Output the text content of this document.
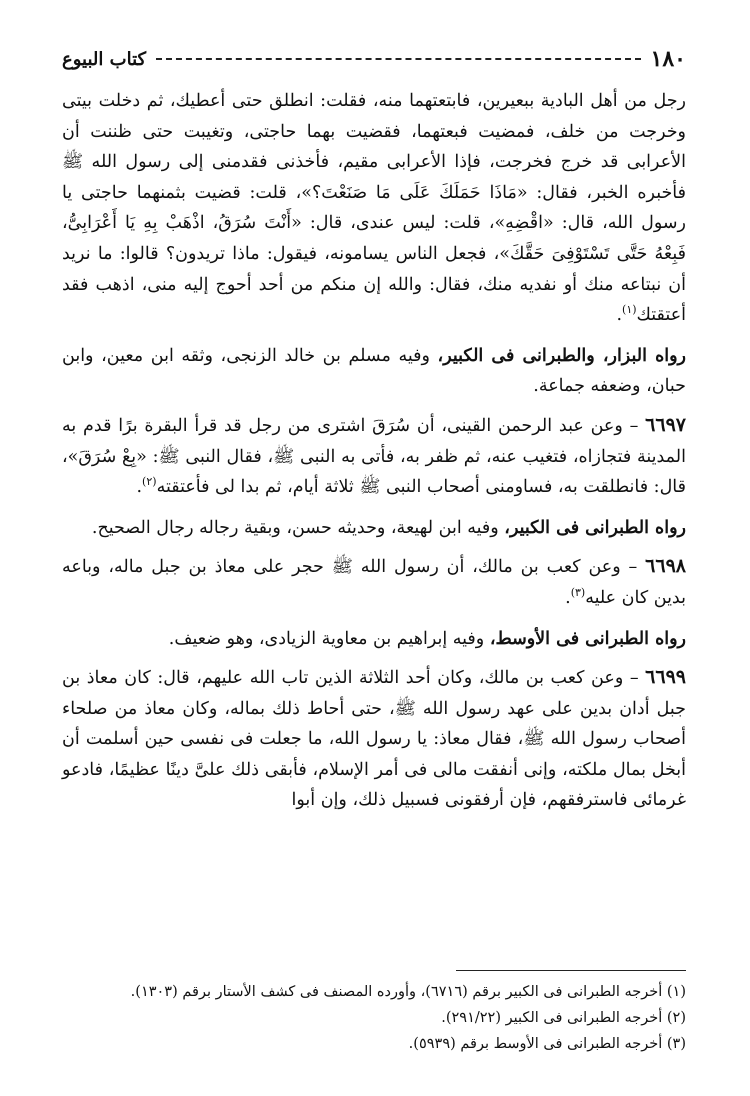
١٨٠
كتاب البيوع

رجل من أهل البادية ببعيرين، فابتعتهما منه، فقلت: انطلق حتى أعطيك، ثم دخلت بيتى وخرجت من خلف، فمضيت فبعتهما، فقضيت بهما حاجتى، وتغيبت حتى ظننت أن الأعرابى قد خرج فخرجت، فإذا الأعرابى مقيم، فأخذنى فقدمنى إلى رسول الله ﷺ فأخبره الخبر، فقال: «مَاذَا حَمَلَكَ عَلَى مَا صَنَعْتَ؟»، قلت: قضيت بثمنهما حاجتى يا رسول الله، قال: «اقْضِهِ»، قلت: ليس عندى، قال: «أَنْتَ سُرَقُ، اذْهَبْ بِهِ يَا أَعْرَابِىُّ، فَبِعْهُ حَتَّى تَسْتَوْفِىَ حَقَّكَ»، فجعل الناس يسامونه، فيقول: ماذا تريدون؟ قالوا: ما نريد أن نبتاعه منك أو نفديه منك، فقال: والله إن منكم من أحد أحوج إليه منى، اذهب فقد أعتقتك$^{(١)}$.

رواه البزار، والطبرانى فى الكبير، وفيه مسلم بن خالد الزنجى، وثقه ابن معين، وابن حبان، وضعفه جماعة.

٦٦٩٧ – وعن عبد الرحمن القينى، أن سُرَقَ اشترى من رجل قد قرأ البقرة برًا قدم به المدينة فتجازاه، فتغيب عنه، ثم ظفر به، فأتى به النبى ﷺ، فقال النبى ﷺ: «بِعْ سُرَقَ»، قال: فانطلقت به، فساومنى أصحاب النبى ﷺ ثلاثة أيام، ثم بدا لى فأعتقته$^{(٢)}$.

رواه الطبرانى فى الكبير، وفيه ابن لهيعة، وحديثه حسن، وبقية رجاله رجال الصحيح.

٦٦٩٨ – وعن كعب بن مالك، أن رسول الله ﷺ حجر على معاذ بن جبل ماله، وباعه بدين كان عليه$^{(٣)}$.

رواه الطبرانى فى الأوسط، وفيه إبراهيم بن معاوية الزيادى، وهو ضعيف.

٦٦٩٩ – وعن كعب بن مالك، وكان أحد الثلاثة الذين تاب الله عليهم، قال: كان معاذ بن جبل أدان بدين على عهد رسول الله ﷺ، حتى أحاط ذلك بماله، وكان معاذ من صلحاء أصحاب رسول الله ﷺ، فقال معاذ: يا رسول الله، ما جعلت فى نفسى حين أسلمت أن أبخل بمال ملكته، وإنى أنفقت مالى فى أمر الإسلام، فأبقى ذلك علىَّ دينًا عظيمًا، فادعو غرمائى فاسترفقهم، فإن أرفقونى فسبيل ذلك، وإن أبوا

(١) أخرجه الطبرانى فى الكبير برقم (٦٧١٦)، وأورده المصنف فى كشف الأستار برقم (١٣٠٣).

(٢) أخرجه الطبرانى فى الكبير (٢٩١/٢٢).

(٣) أخرجه الطبرانى فى الأوسط برقم (٥٩٣٩).
